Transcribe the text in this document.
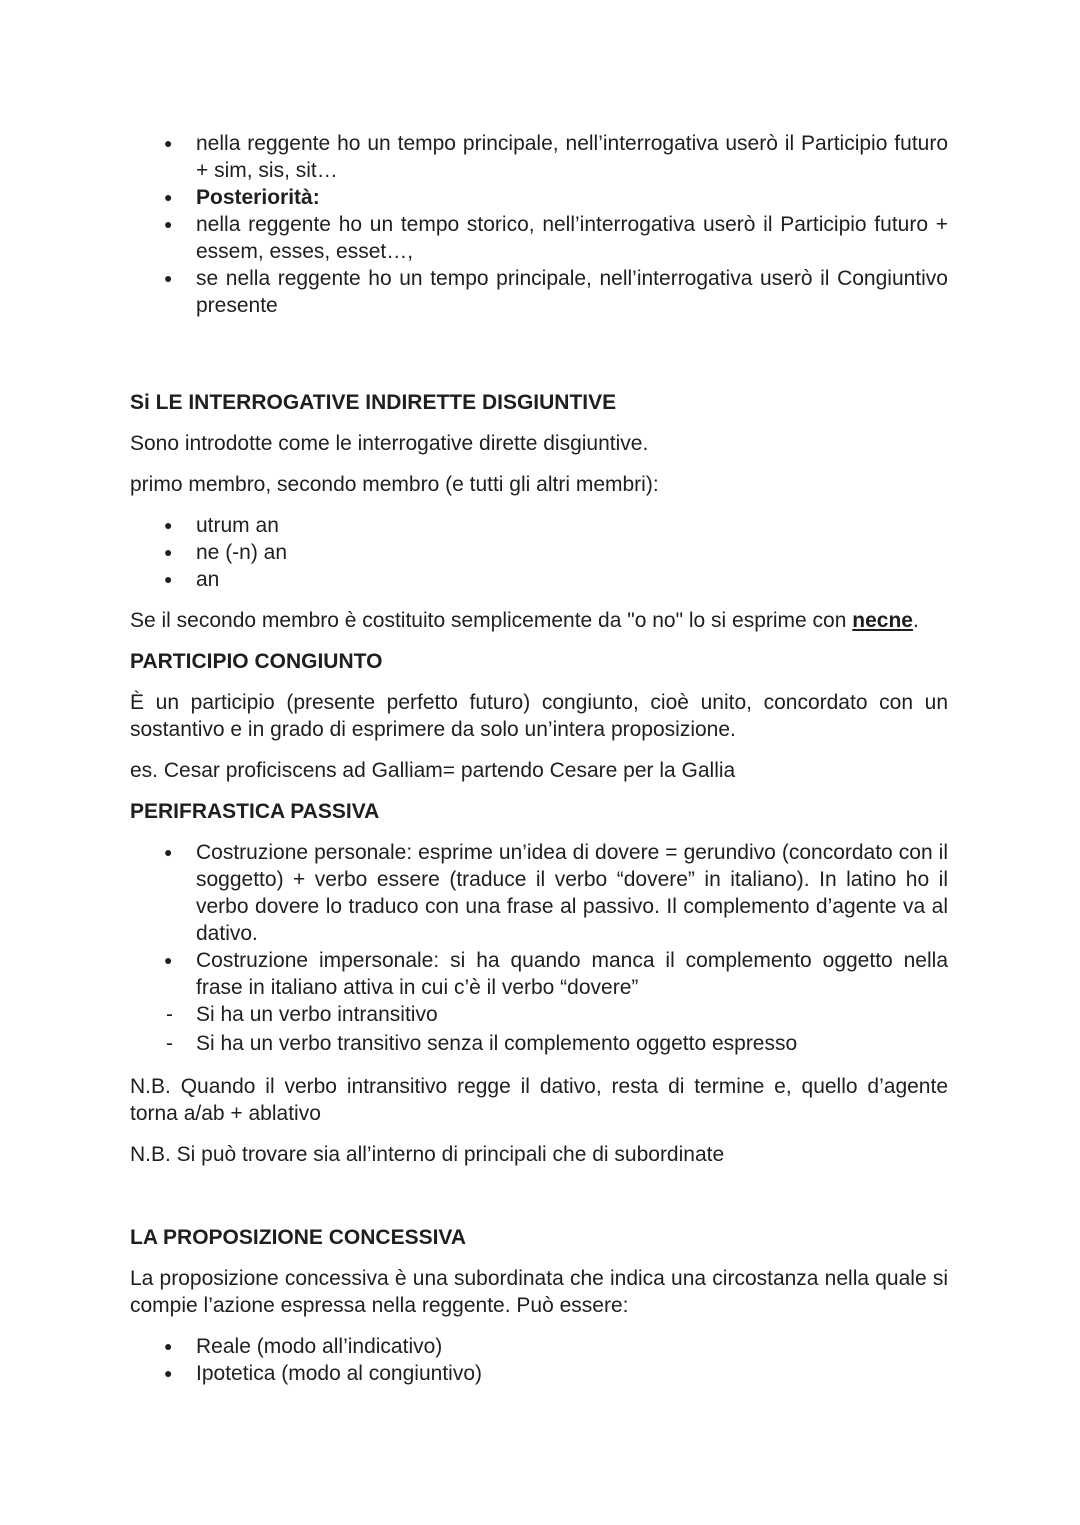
● nella reggente ho un tempo principale, nell’interrogativa userò il Participio futuro + sim, sis, sit…
● Posteriorità:
● nella reggente ho un tempo storico, nell’interrogativa userò il Participio futuro + essem, esses, esset…,
● se nella reggente ho un tempo principale, nell’interrogativa userò il Congiuntivo presente
Si LE INTERROGATIVE INDIRETTE DISGIUNTIVE

Sono introdotte come le interrogative dirette disgiuntive.

primo membro, secondo membro (e tutti gli altri membri):

● utrum an
● ne (-n) an
● an

Se il secondo membro è costituito semplicemente da "o no" lo si esprime con necne.

PARTICIPIO CONGIUNTO

È un participio (presente perfetto futuro) congiunto, cioè unito, concordato con un sostantivo e in grado di esprimere da solo un’intera proposizione.

es. Cesar proficiscens ad Galliam= partendo Cesare per la Gallia

PERIFRASTICA PASSIVA
● Costruzione personale: esprime un’idea di dovere = gerundivo (concordato con il soggetto) + verbo essere (traduce il verbo “dovere” in italiano). In latino ho il verbo dovere lo traduco con una frase al passivo. Il complemento d’agente va al dativo.
● Costruzione impersonale: si ha quando manca il complemento oggetto nella frase in italiano attiva in cui c’è il verbo “dovere”
- Si ha un verbo intransitivo
- Si ha un verbo transitivo senza il complemento oggetto espresso

N.B. Quando il verbo intransitivo regge il dativo, resta di termine e, quello d’agente torna a/ab + ablativo

N.B. Si può trovare sia all’interno di principali che di subordinate

LA PROPOSIZIONE CONCESSIVA

La proposizione concessiva è una subordinata che indica una circostanza nella quale si compie l’azione espressa nella reggente. Può essere:

● Reale (modo all’indicativo)
● Ipotetica (modo al congiuntivo)
